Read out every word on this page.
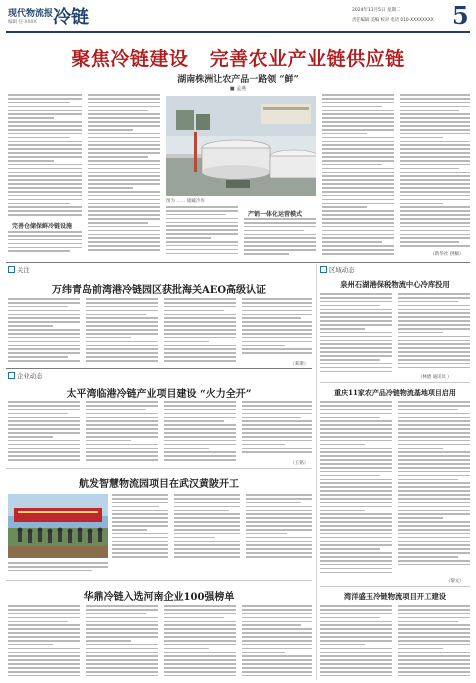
现代物流报
编辑 任 XXXX 冷链	2024年11月5日 星期二
责任编辑 美编 校对 电话 010-XXXXXXXX 5
聚焦冷链建设   完善农业产业链供应链
湖南株洲让农产品一路领 “鲜”
■ 孟燕
完善仓储保鲜冷链设施
图为 …… 储藏冷库
产销一体化运营模式
（新华社 供稿）
关注
万纬青岛前湾港冷链园区获批海关AEO高级认证
（莱斯）
企业动态
太平湾临港冷链产业项目建设 “火力全开”
（王铭）
航发智慧物流园项目在武汉黄陂开工
华鼎冷链入选河南企业100强榜单
区域动态
泉州石湖港保税物流中心冷库投用
（林德 通讯员 ）
重庆11家农产品冷链物流基地项目启用
（黎文）
湾洋盛玉冷链物流项目开工建设
